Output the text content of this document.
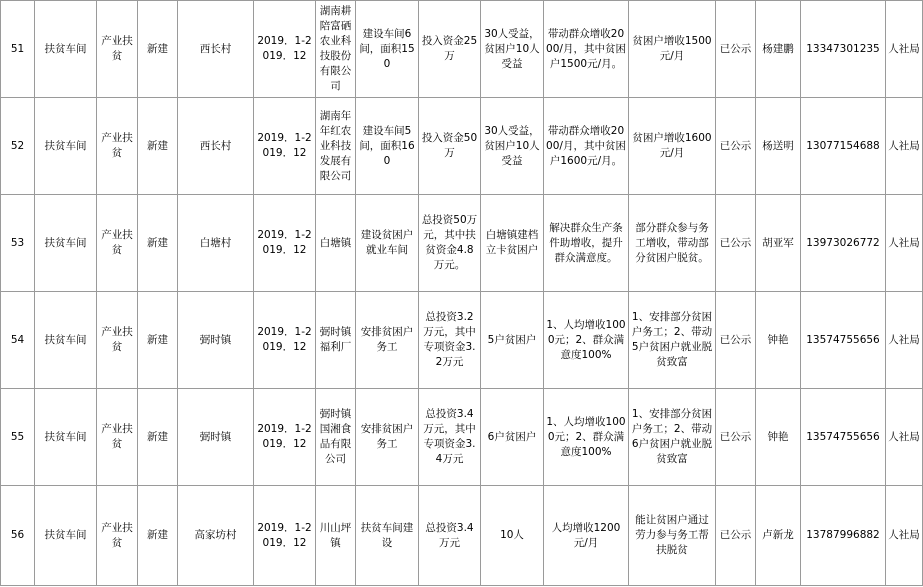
51	扶贫车间	产业扶贫	新建	西长村	2019．1-2019．12	湖南耕陪富硒农业科技股份有限公司	建设车间6间，面积150	投入资金25万	30人受益，贫困户10人受益	带动群众增收2000/月，其中贫困户1500元/月。	贫困户增收1500元/月	已公示	杨建鹏	13347301235	人社局
52	扶贫车间	产业扶贫	新建	西长村	2019．1-2019．12	湖南年年红农业科技发展有限公司	建设车间5间，面积160	投入资金50万	30人受益，贫困户10人受益	带动群众增收2000/月，其中贫困户1600元/月。	贫困户增收1600元/月	已公示	杨送明	13077154688	人社局
53	扶贫车间	产业扶贫	新建	白塘村	2019．1-2019．12	白塘镇	建设贫困户就业车间	总投资50万元，其中扶贫资金4.8万元。	白塘镇建档立卡贫困户	解决群众生产条件助增收，提升群众满意度。	部分群众参与务工增收，带动部分贫困户脱贫。	已公示	胡亚军	13973026772	人社局
54	扶贫车间	产业扶贫	新建	弼时镇	2019．1-2019．12	弼时镇福利厂	安排贫困户务工	总投资3.2万元，其中专项资金3.2万元	5户贫困户	1、人均增收1000元；2、群众满意度100%	1、安排部分贫困户务工；2、带动5户贫困户就业脱贫致富	已公示	钟艳	13574755656	人社局
55	扶贫车间	产业扶贫	新建	弼时镇	2019．1-2019．12	弼时镇国湘食品有限公司	安排贫困户务工	总投资3.4万元，其中专项资金3.4万元	6户贫困户	1、人均增收1000元；2、群众满意度100%	1、安排部分贫困户务工；2、带动6户贫困户就业脱贫致富	已公示	钟艳	13574755656	人社局
56	扶贫车间	产业扶贫	新建	高家坊村	2019．1-2019．12	川山坪镇	扶贫车间建设	总投资3.4万元	10人	人均增收1200元/月	能让贫困户通过劳力参与务工帮扶脱贫	已公示	卢新龙	13787996882	人社局
